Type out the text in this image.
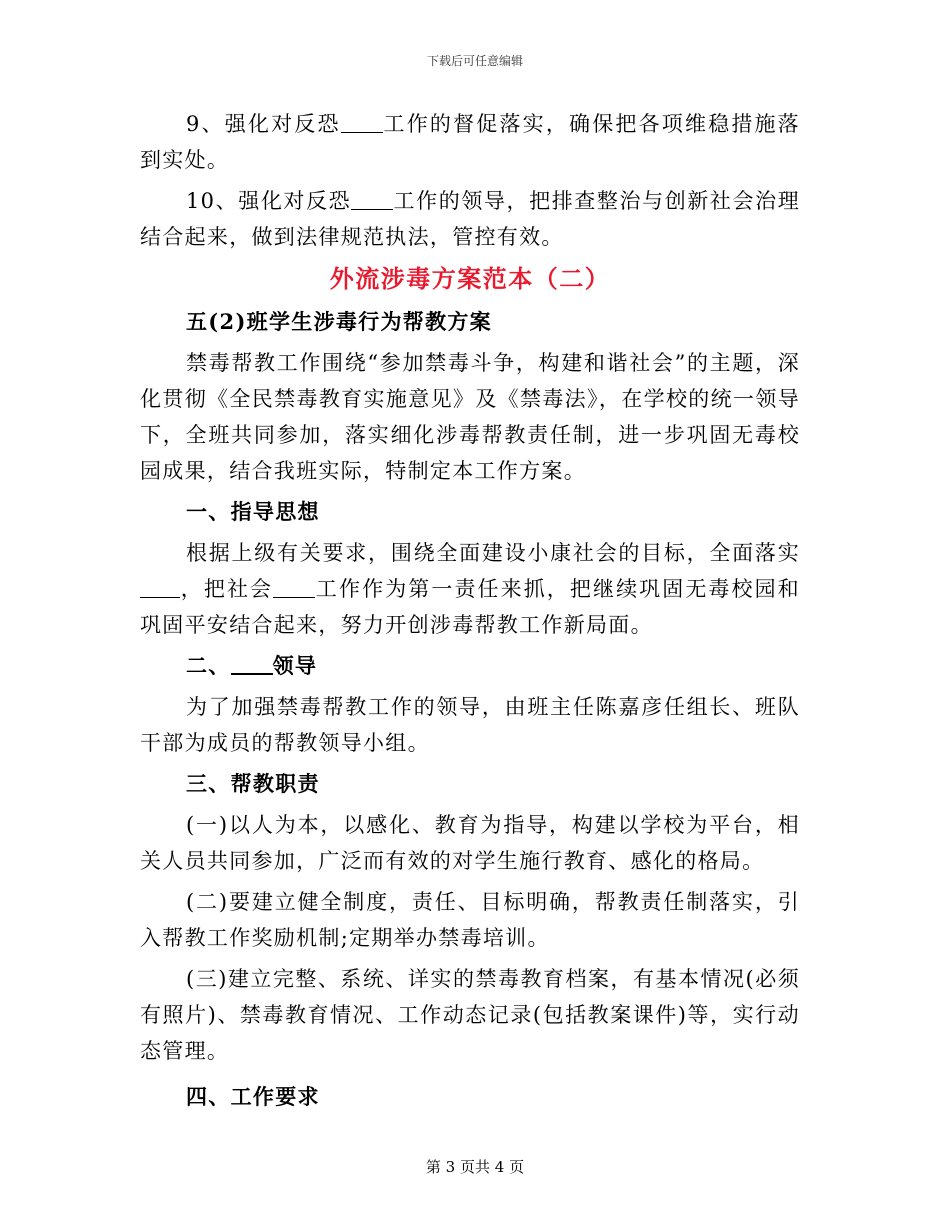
下载后可任意编辑

9、强化对反恐 工作的督促落实，确保把各项维稳措施落到实处。

10、强化对反恐 工作的领导，把排查整治与创新社会治理结合起来，做到法律规范执法，管控有效。

外流涉毒方案范本（二）

五(2)班学生涉毒行为帮教方案

禁毒帮教工作围绕“参加禁毒斗争，构建和谐社会”的主题，深化贯彻《全民禁毒教育实施意见》及《禁毒法》，在学校的统一领导下，全班共同参加，落实细化涉毒帮教责任制，进一步巩固无毒校园成果，结合我班实际，特制定本工作方案。

一、指导思想

根据上级有关要求，围绕全面建设小康社会的目标，全面落实，把社会 工作作为第一责任来抓，把继续巩固无毒校园和巩固平安结合起来，努力开创涉毒帮教工作新局面。

二、 领导

为了加强禁毒帮教工作的领导，由班主任陈嘉彦任组长、班队干部为成员的帮教领导小组。

三、帮教职责

(一)以人为本，以感化、教育为指导，构建以学校为平台，相关人员共同参加，广泛而有效的对学生施行教育、感化的格局。

(二)要建立健全制度，责任、目标明确，帮教责任制落实，引入帮教工作奖励机制;定期举办禁毒培训。

(三)建立完整、系统、详实的禁毒教育档案，有基本情况(必须有照片)、禁毒教育情况、工作动态记录(包括教案课件)等，实行动态管理。

四、工作要求

第 3 页共 4 页
